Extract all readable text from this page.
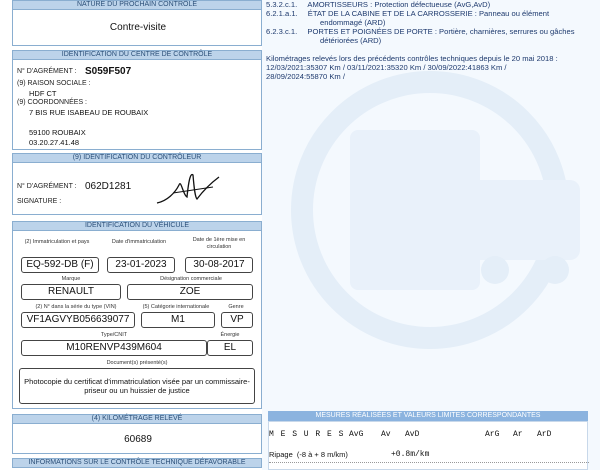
NATURE DU PROCHAIN CONTRÔLE
Contre-visite
IDENTIFICATION DU CENTRE DE CONTRÔLE
N° D'AGRÉMENT : S059F507
(9) RAISON SOCIALE :
HDF CT
(9) COORDONNÉES :
7 BIS RUE ISABEAU DE ROUBAIX
59100 ROUBAIX
03.20.27.41.48
(9) IDENTIFICATION DU CONTRÔLEUR
N° D'AGRÉMENT : 062D1281
SIGNATURE :
IDENTIFICATION DU VÉHICULE
(2) Immatriculation et pays	Date d'immatriculation	Date de 1ère mise en circulation
EQ-592-DB (F)	23-01-2023	30-08-2017
Marque	Désignation commerciale
RENAULT	ZOE
(2) N° dans la série du type (VIN)	(5) Catégorie internationale	Genre
VF1AGVYB056639077	M1	VP
Type/CNIT	Énergie
M10RENVP439M604	EL
Document(s) présenté(s)
Photocopie du certificat d'immatriculation visée par un commissaire-priseur ou un huissier de justice
(4) KILOMÉTRAGE RELEVÉ
60689
INFORMATIONS SUR LE CONTRÔLE TECHNIQUE DÉFAVORABLE
5.3.2.c.1. AMORTISSEURS : Protection défectueuse (AvG,AvD)
6.2.1.a.1. ÉTAT DE LA CABINE ET DE LA CARROSSERIE : Panneau ou élément
endommagé (ARD)
6.2.3.c.1. PORTES ET POIGNÉES DE PORTE : Portière, charnières, serrures ou gâches
détériorées (ARD)
Kilométrages relevés lors des précédents contrôles techniques depuis le 20 mai 2018 :
12/03/2021:35307 Km / 03/11/2021:35320 Km / 30/09/2022:41863 Km /
28/09/2024:55870 Km /
MESURES RÉALISÉES ET VALEURS LIMITES CORRESPONDANTES
M E S U R E S AvG Av AvD	ArG Ar ArD
Ripage (-8 à + 8 m/km)	+0.8m/km
